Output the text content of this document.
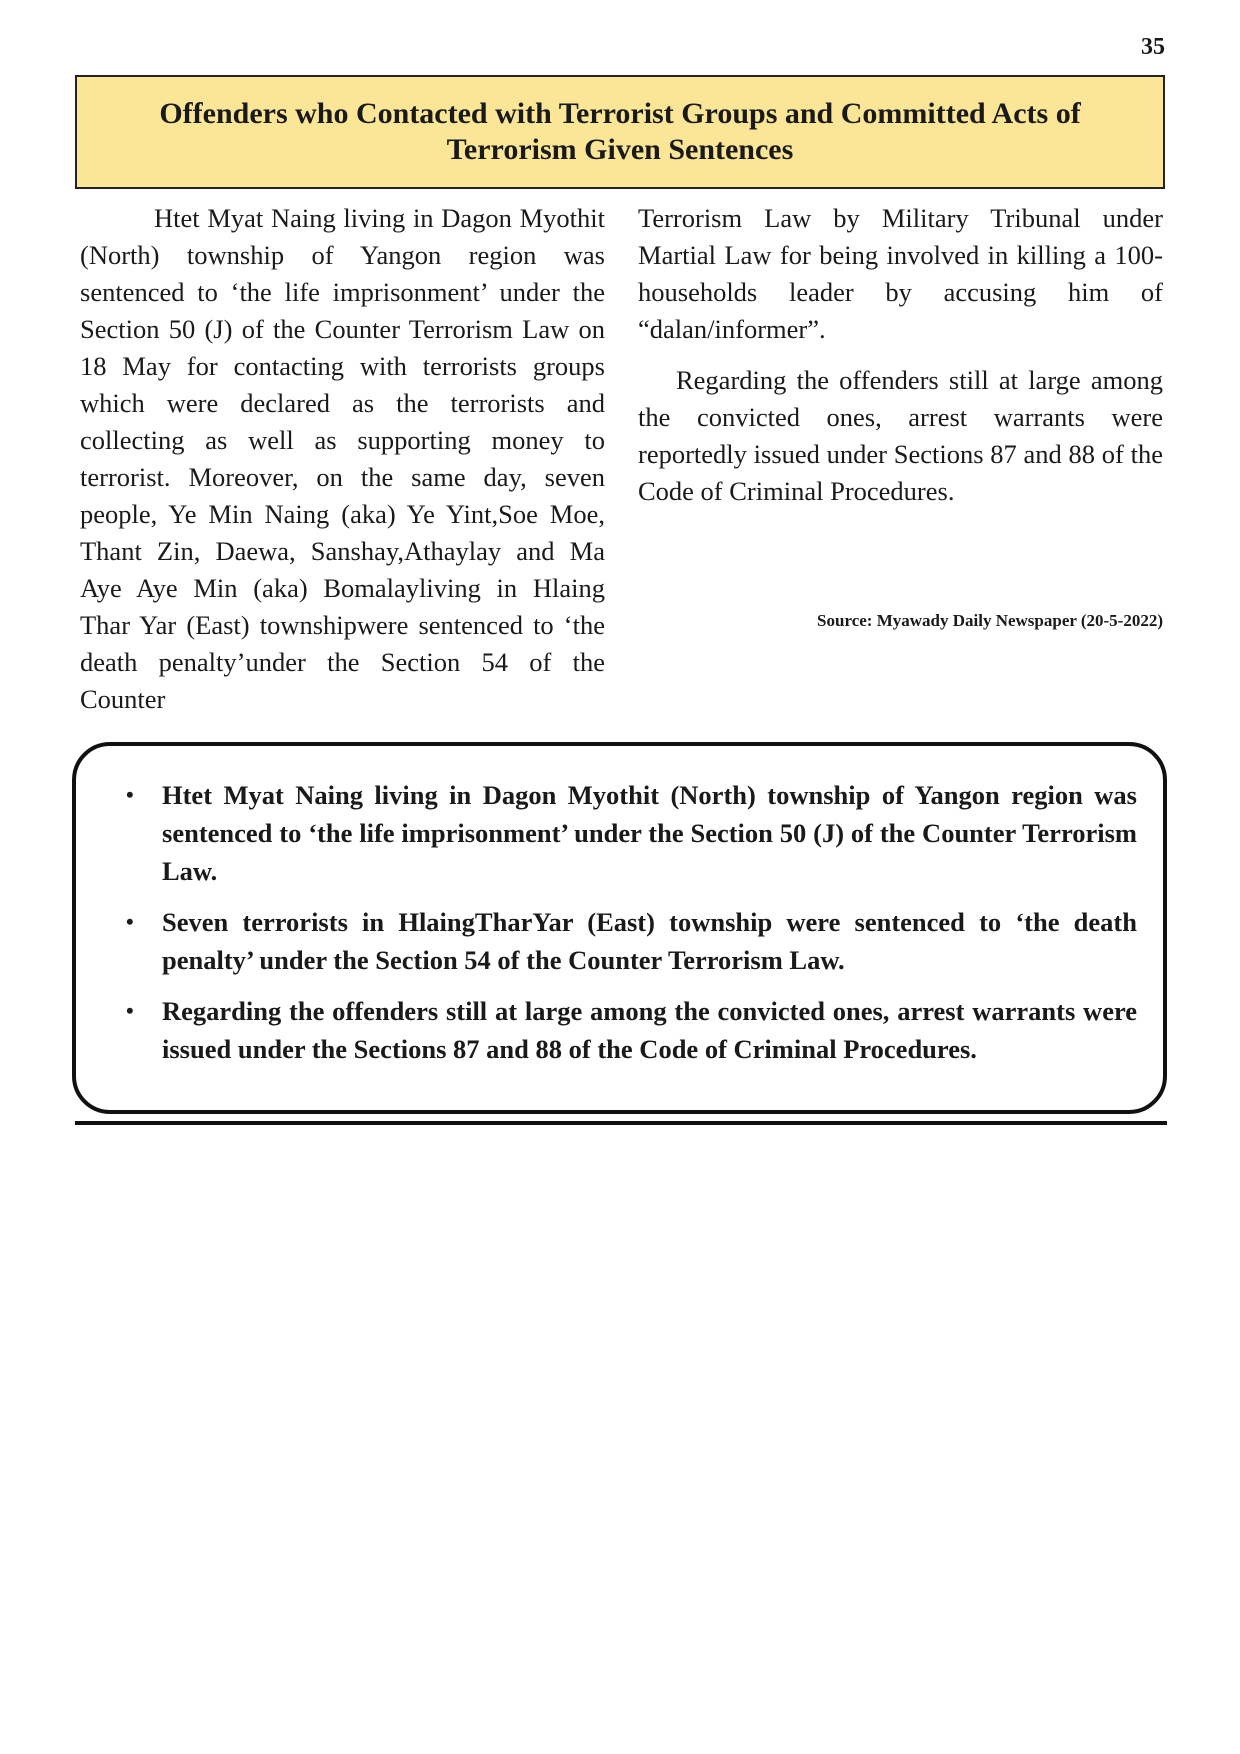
35
Offenders who Contacted with Terrorist Groups and Committed Acts of Terrorism Given Sentences

Htet Myat Naing living in Dagon Myothit (North) township of Yangon region was sentenced to ‘the life imprisonment’ under the Section 50 (J) of the Counter Terrorism Law on 18 May for contacting with terrorists groups which were declared as the terrorists and collecting as well as supporting money to terrorist. Moreover, on the same day, seven people, Ye Min Naing (aka) Ye Yint,Soe Moe, Thant Zin, Daewa, Sanshay,Athaylay and Ma Aye Aye Min (aka) Bomalayliving in Hlaing Thar Yar (East) townshipwere sentenced to ‘the death penalty’under the Section 54 of the Counter

Terrorism Law by Military Tribunal under Martial Law for being involved in killing a 100-households leader by accusing him of “dalan/informer”.

Regarding the offenders still at large among the convicted ones, arrest warrants were reportedly issued under Sections 87 and 88 of the Code of Criminal Procedures.

Source: Myawady Daily Newspaper (20-5-2022)
• Htet Myat Naing living in Dagon Myothit (North) township of Yangon region was sentenced to ‘the life imprisonment’ under the Section 50 (J) of the Counter Terrorism Law.
• Seven terrorists in HlaingTharYar (East) township were sentenced to ‘the death penalty’ under the Section 54 of the Counter Terrorism Law.
• Regarding the offenders still at large among the convicted ones, arrest warrants were issued under the Sections 87 and 88 of the Code of Criminal Procedures.
